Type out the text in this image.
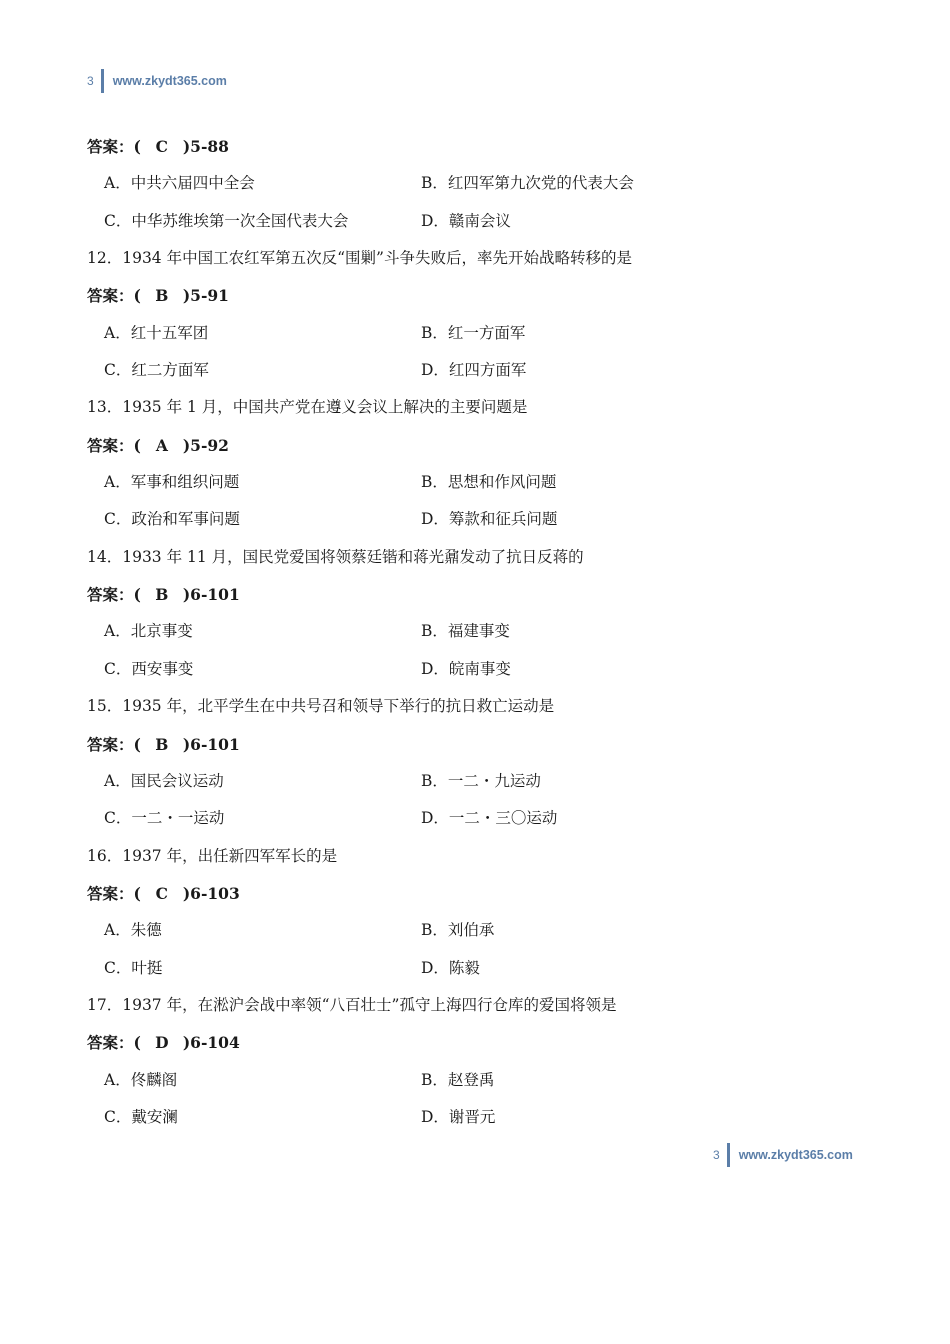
3 www.zkydt365.com
答案：( C )5-88
A．中共六届四中全会	B．红四军第九次党的代表大会
C．中华苏维埃第一次全国代表大会	D．赣南会议
12．1934 年中国工农红军第五次反“围剿”斗争失败后，率先开始战略转移的是
答案：( B )5-91
A．红十五军团	B．红一方面军
C．红二方面军	D．红四方面军
13．1935 年 1 月，中国共产党在遵义会议上解决的主要问题是
答案：( A )5-92
A．军事和组织问题	B．思想和作风问题
C．政治和军事问题	D．筹款和征兵问题
14．1933 年 11 月，国民党爱国将领蔡廷锴和蒋光鼐发动了抗日反蒋的
答案：( B )6-101
A．北京事变	B．福建事变
C．西安事变	D．皖南事变
15．1935 年，北平学生在中共号召和领导下举行的抗日救亡运动是
答案：( B )6-101
A．国民会议运动	B．一二・九运动
C．一二・一运动	D．一二・三〇运动
16．1937 年，出任新四军军长的是
答案：( C )6-103
A．朱德	B．刘伯承
C．叶挺	D．陈毅
17．1937 年，在淞沪会战中率领“八百壮士”孤守上海四行仓库的爱国将领是
答案：( D )6-104
A．佟麟阁	B．赵登禹
C．戴安澜	D．谢晋元
3 www.zkydt365.com
